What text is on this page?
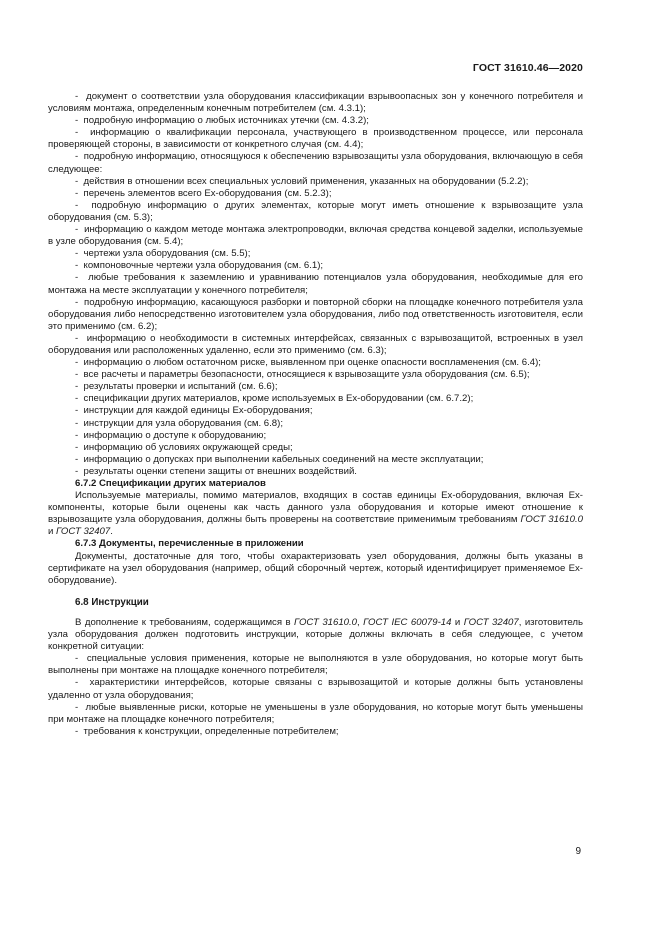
ГОСТ 31610.46—2020

-  документ о соответствии узла оборудования классификации взрывоопасных зон у конечного потребителя и условиям монтажа, определенным конечным потребителем (см. 4.3.1);

-  подробную информацию о любых источниках утечки (см. 4.3.2);

-  информацию о квалификации персонала, участвующего в производственном процессе, или персонала проверяющей стороны, в зависимости от конкретного случая (см. 4.4);

-  подробную информацию, относящуюся к обеспечению взрывозащиты узла оборудования, включающую в себя следующее:

-  действия в отношении всех специальных условий применения, указанных на оборудовании (5.2.2);

-  перечень элементов всего Ex-оборудования (см. 5.2.3);

-  подробную информацию о других элементах, которые могут иметь отношение к взрывозащите узла оборудования (см. 5.3);

-  информацию о каждом методе монтажа электропроводки, включая средства концевой заделки, используемые в узле оборудования (см. 5.4);

-  чертежи узла оборудования (см. 5.5);

-  компоновочные чертежи узла оборудования (см. 6.1);

-  любые требования к заземлению и уравниванию потенциалов узла оборудования, необходимые для его монтажа на месте эксплуатации у конечного потребителя;

-  подробную информацию, касающуюся разборки и повторной сборки на площадке конечного потребителя узла оборудования либо непосредственно изготовителем узла оборудования, либо под ответственность изготовителя, если это применимо (см. 6.2);

-  информацию о необходимости в системных интерфейсах, связанных с взрывозащитой, встроенных в узел оборудования или расположенных удаленно, если это применимо (см. 6.3);

-  информацию о любом остаточном риске, выявленном при оценке опасности воспламенения (см. 6.4);

-  все расчеты и параметры безопасности, относящиеся к взрывозащите узла оборудования (см. 6.5);

-  результаты проверки и испытаний (см. 6.6);

-  спецификации других материалов, кроме используемых в Ex-оборудовании (см. 6.7.2);

-  инструкции для каждой единицы Ex-оборудования;

-  инструкции для узла оборудования (см. 6.8);

-  информацию о доступе к оборудованию;

-  информацию об условиях окружающей среды;

-  информацию о допусках при выполнении кабельных соединений на месте эксплуатации;

-  результаты оценки степени защиты от внешних воздействий.

6.7.2 Спецификации других материалов

Используемые материалы, помимо материалов, входящих в состав единицы Ex-оборудования, включая Ex-компоненты, которые были оценены как часть данного узла оборудования и которые имеют отношение к взрывозащите узла оборудования, должны быть проверены на соответствие применимым требованиям ГОСТ 31610.0 и ГОСТ 32407.

6.7.3 Документы, перечисленные в приложении

Документы, достаточные для того, чтобы охарактеризовать узел оборудования, должны быть указаны в сертификате на узел оборудования (например, общий сборочный чертеж, который идентифицирует применяемое Ex-оборудование).

6.8 Инструкции

В дополнение к требованиям, содержащимся в ГОСТ 31610.0, ГОСТ IEC 60079-14 и ГОСТ 32407, изготовитель узла оборудования должен подготовить инструкции, которые должны включать в себя следующее, с учетом конкретной ситуации:

-  специальные условия применения, которые не выполняются в узле оборудования, но которые могут быть выполнены при монтаже на площадке конечного потребителя;

-  характеристики интерфейсов, которые связаны с взрывозащитой и которые должны быть установлены удаленно от узла оборудования;

-  любые выявленные риски, которые не уменьшены в узле оборудования, но которые могут быть уменьшены при монтаже на площадке конечного потребителя;

-  требования к конструкции, определенные потребителем;

9
